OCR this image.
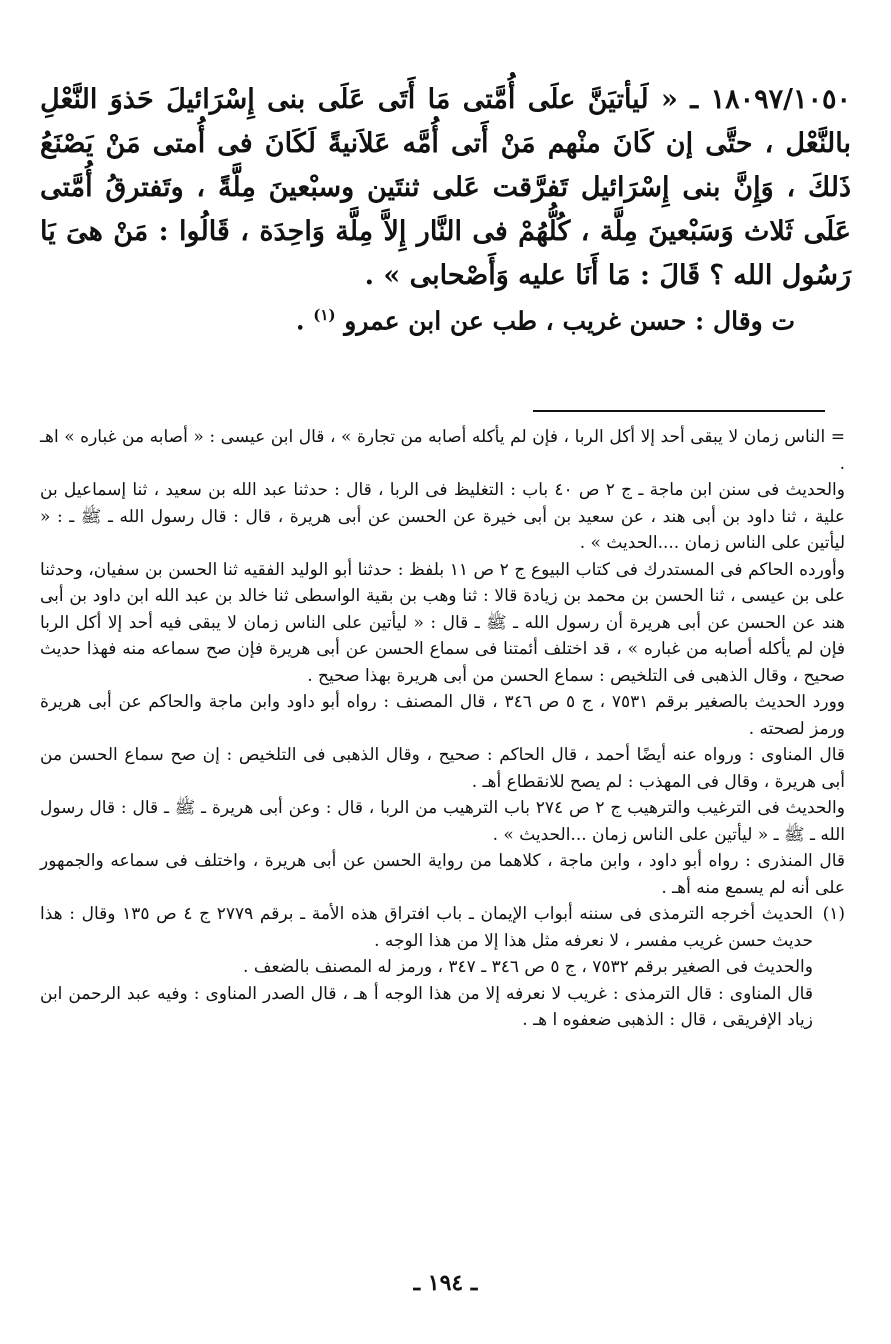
١٨٠٩٧/١٠٥٠ ـ « لَيأتيَنَّ علَى أُمَّتى مَا أَتَى عَلَى بنى إِسْرَائيلَ حَذوَ النَّعْلِ بالنَّعْل ، حتَّى إن كَانَ منْهم مَنْ أَتى أُمَّه عَلاَنيةً لَكَانَ فى أُمتى مَنْ يَصْنَعُ ذَلكَ ، وَإِنَّ بنى إِسْرَائيل تَفرَّقت عَلى ثنتَين وسبْعينَ مِلَّةً ، وتَفترقُ أُمَّتى عَلَى ثَلاث وَسَبْعينَ مِلَّة ، كُلُّهُمْ فى النَّار إِلاَّ مِلَّة وَاحِدَة ، قَالُوا : مَنْ هىَ يَا رَسُول الله ؟ قَالَ : مَا أَنَا عليه وَأَصْحابى » .

ت وقال : حسن غريب ، طب عن ابن عمرو $^{(١)}$ .

= الناس زمان لا يبقى أحد إلا أكل الربا ، فإن لم يأكله أصابه من تجارة » ، قال ابن عيسى : « أصابه من غباره » اهـ .

والحديث فى سنن ابن ماجة ـ ج ٢ ص ٤٠ باب : التغليظ فى الربا ، قال : حدثنا عبد الله بن سعيد ، ثنا إسماعيل بن علية ، ثنا داود بن أبى هند ، عن سعيد بن أبى خيرة عن الحسن عن أبى هريرة ، قال : قال رسول الله ـ ﷺ ـ : « ليأتين على الناس زمان ....الحديث » .

وأورده الحاكم فى المستدرك فى كتاب البيوع ج ٢ ص ١١ بلفظ : حدثنا أبو الوليد الفقيه ثنا الحسن بن سفيان، وحدثنا على بن عيسى ، ثنا الحسن بن محمد بن زيادة قالا : ثنا وهب بن بقية الواسطى ثنا خالد بن عبد الله ابن داود بن أبى هند عن الحسن عن أبى هريرة أن رسول الله ـ ﷺ ـ قال : « ليأتين على الناس زمان لا يبقى فيه أحد إلا أكل الربا فإن لم يأكله أصابه من غباره » ، قد اختلف أئمتنا فى سماع الحسن عن أبى هريرة فإن صح سماعه منه فهذا حديث صحيح ، وقال الذهبى فى التلخيص : سماع الحسن من أبى هريرة بهذا صحيح .

وورد الحديث بالصغير برقم ٧٥٣١ ، ج ٥ ص ٣٤٦ ، قال المصنف : رواه أبو داود وابن ماجة والحاكم عن أبى هريرة ورمز لصحته .

قال المناوى : ورواه عنه أيضًا أحمد ، قال الحاكم : صحيح ، وقال الذهبى فى التلخيص : إن صح سماع الحسن من أبى هريرة ، وقال فى المهذب : لم يصح للانقطاع أهـ .

والحديث فى الترغيب والترهيب ج ٢ ص ٢٧٤ باب الترهيب من الربا ، قال : وعن أبى هريرة ـ ﷺ ـ قال : قال رسول الله ـ ﷺ ـ « ليأتين على الناس زمان ...الحديث » .

قال المنذرى : رواه أبو داود ، وابن ماجة ، كلاهما من رواية الحسن عن أبى هريرة ، واختلف فى سماعه والجمهور على أنه لم يسمع منه أهـ .

(١)

الحديث أخرجه الترمذى فى سننه أبواب الإيمان ـ باب افتراق هذه الأمة ـ برقم ٢٧٧٩ ج ٤ ص ١٣٥ وقال : هذا حديث حسن غريب مفسر ، لا نعرفه مثل هذا إلا من هذا الوجه .

والحديث فى الصغير برقم ٧٥٣٢ ، ج ٥ ص ٣٤٦ ـ ٣٤٧ ، ورمز له المصنف بالضعف .

قال المناوى : قال الترمذى : غريب لا نعرفه إلا من هذا الوجه أ هـ ، قال الصدر المناوى : وفيه عبد الرحمن ابن زياد الإفريقى ، قال : الذهبى ضعفوه ا هـ .

ـ ١٩٤ ـ
